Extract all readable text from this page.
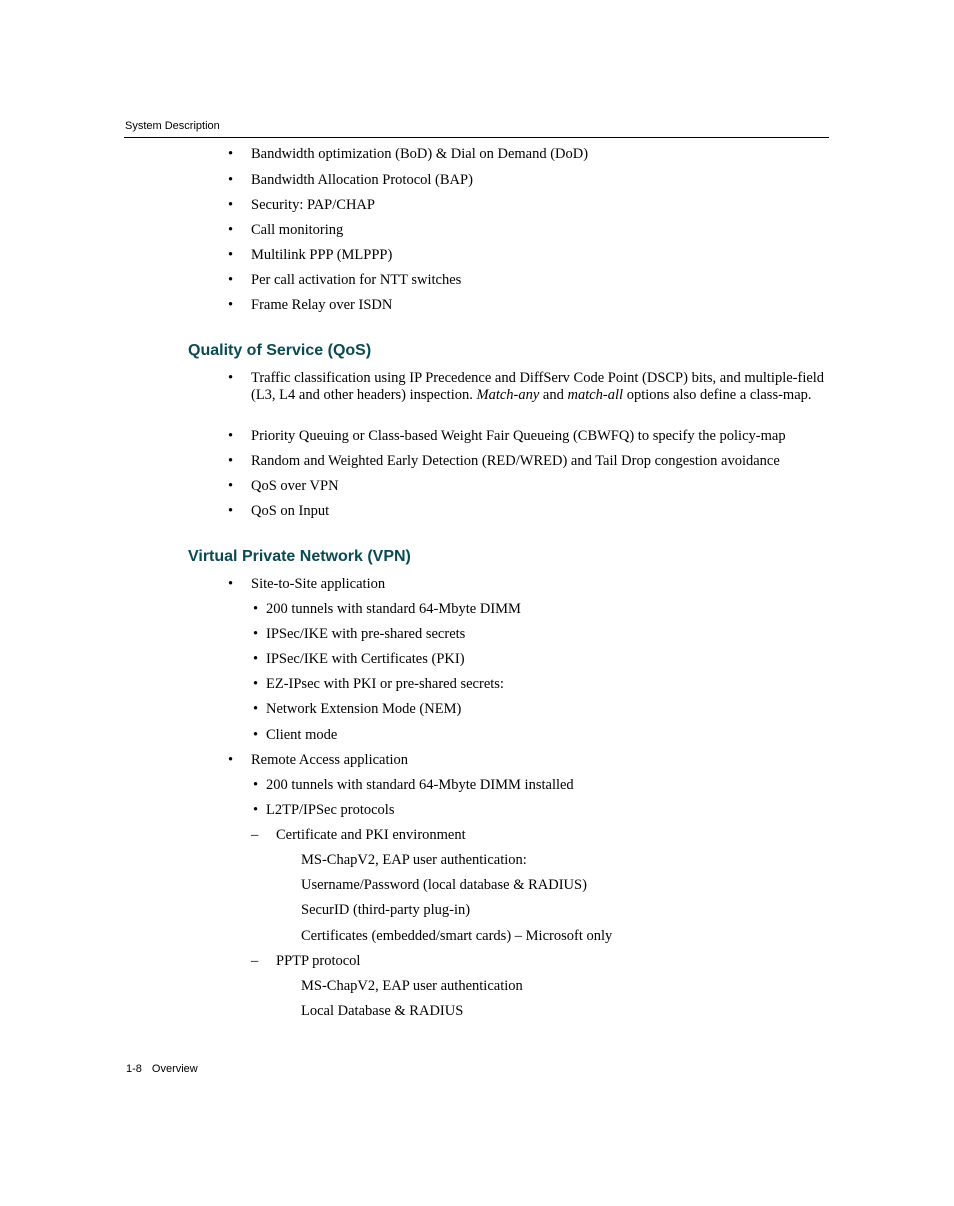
System Description
• Bandwidth optimization (BoD) & Dial on Demand (DoD)
• Bandwidth Allocation Protocol (BAP)
• Security: PAP/CHAP
• Call monitoring
• Multilink PPP (MLPPP)
• Per call activation for NTT switches
• Frame Relay over ISDN
Quality of Service (QoS)
• Traffic classification using IP Precedence and DiffServ Code Point (DSCP) bits, and multiple-field (L3, L4 and other headers) inspection. Match-any and match-all options also define a class-map.
• Priority Queuing or Class-based Weight Fair Queueing (CBWFQ) to specify the policy-map
• Random and Weighted Early Detection (RED/WRED) and Tail Drop congestion avoidance
• QoS over VPN
• QoS on Input
Virtual Private Network (VPN)
• Site-to-Site application
• 200 tunnels with standard 64-Mbyte DIMM
• IPSec/IKE with pre-shared secrets
• IPSec/IKE with Certificates (PKI)
• EZ-IPsec with PKI or pre-shared secrets:
• Network Extension Mode (NEM)
• Client mode
• Remote Access application
• 200 tunnels with standard 64-Mbyte DIMM installed
• L2TP/IPSec protocols
– Certificate and PKI environment
MS-ChapV2, EAP user authentication:
Username/Password (local database & RADIUS)
SecurID (third-party plug-in)
Certificates (embedded/smart cards) – Microsoft only
– PPTP protocol
MS-ChapV2, EAP user authentication
Local Database & RADIUS
1-8 Overview
